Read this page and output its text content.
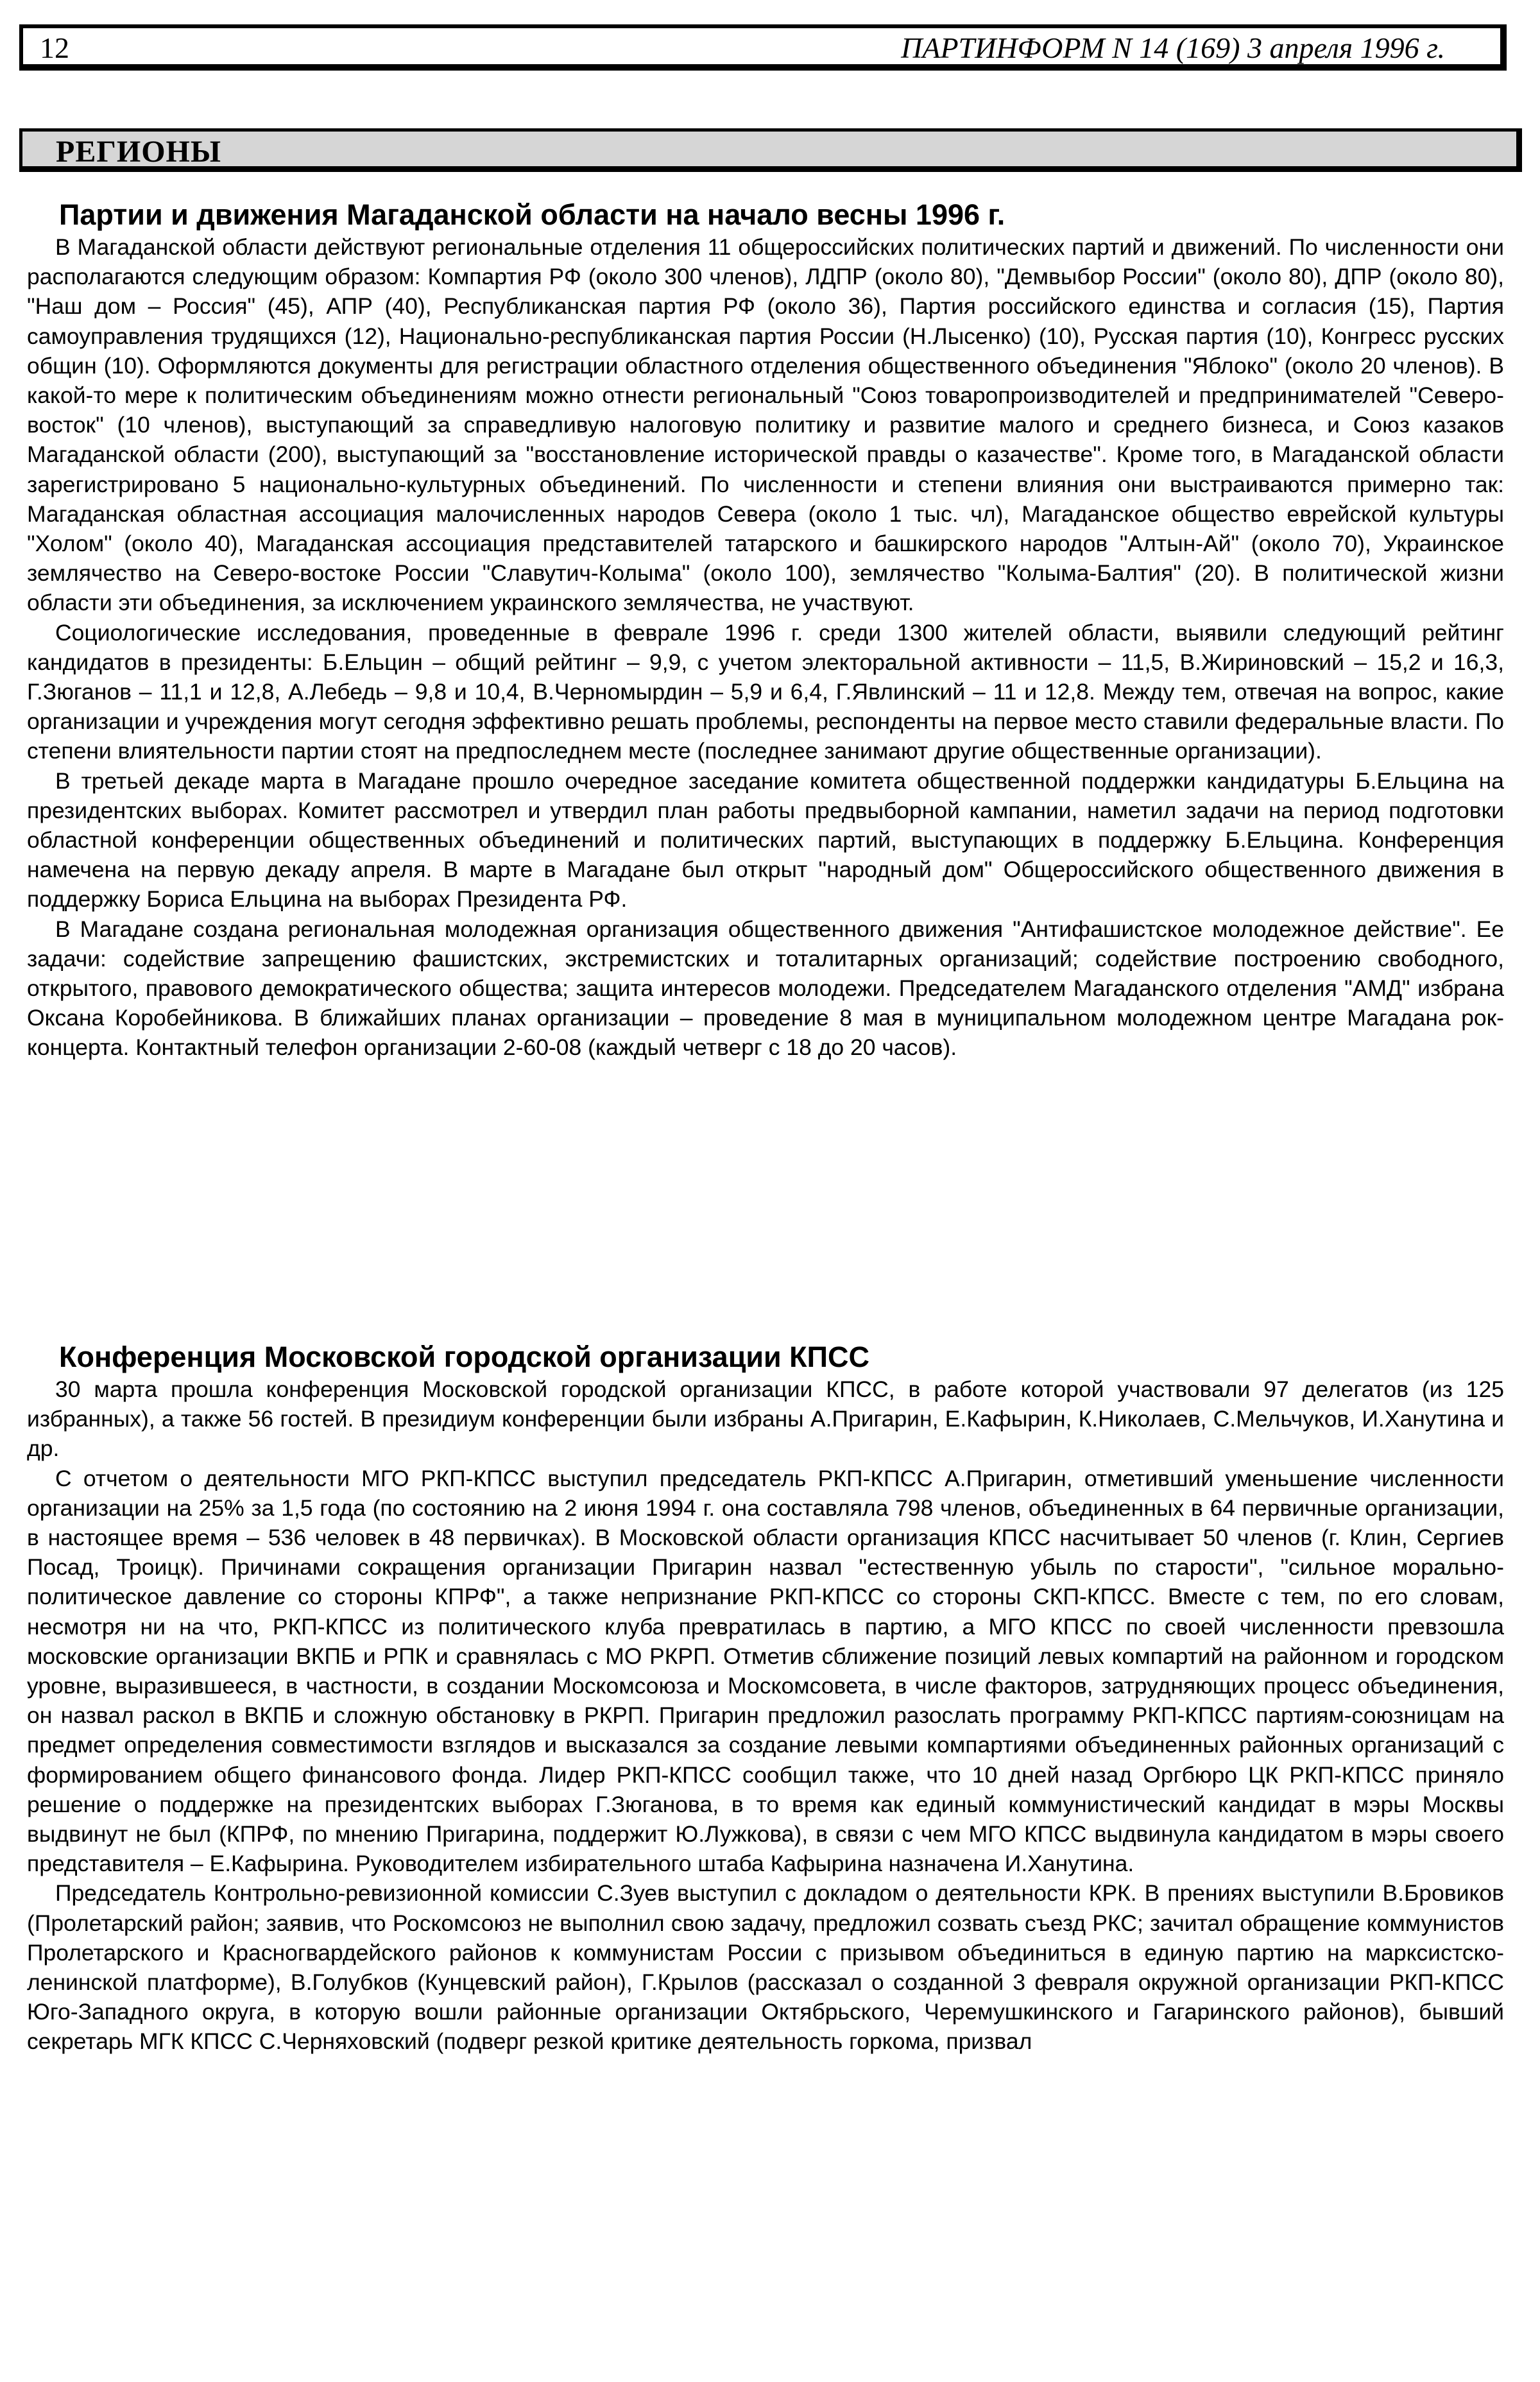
12	ПАРТИНФОРМ N 14 (169) 3 апреля 1996 г.
РЕГИОНЫ
Партии и движения Магаданской области на начало весны 1996 г.

В Магаданской области действуют региональные отделения 11 общероссийских политических партий и движений. По численности они располагаются следующим образом: Компартия РФ (около 300 членов), ЛДПР (около 80), "Демвыбор России" (около 80), ДПР (около 80), "Наш дом – Россия" (45), АПР (40), Республиканская партия РФ (около 36), Партия российского единства и согласия (15), Партия самоуправления трудящихся (12), Национально-республиканская партия России (Н.Лысенко) (10), Русская партия (10), Конгресс русских общин (10). Оформляются документы для регистрации областного отделения общественного объединения "Яблоко" (около 20 членов). В какой-то мере к политическим объединениям можно отнести региональный "Союз товаропроизводителей и предпринимателей "Северо-восток" (10 членов), выступающий за справедливую налоговую политику и развитие малого и среднего бизнеса, и Союз казаков Магаданской области (200), выступающий за "восстановление исторической правды о казачестве". Кроме того, в Магаданской области зарегистрировано 5 национально-культурных объединений. По численности и степени влияния они выстраиваются примерно так: Магаданская областная ассоциация малочисленных народов Севера (около 1 тыс. чл), Магаданское общество еврейской культуры "Холом" (около 40), Магаданская ассоциация представителей татарского и башкирского народов "Алтын-Ай" (около 70), Украинское землячество на Северо-востоке России "Славутич-Колыма" (около 100), землячество "Колыма-Балтия" (20). В политической жизни области эти объединения, за исключением украинского землячества, не участвуют.

Социологические исследования, проведенные в феврале 1996 г. среди 1300 жителей области, выявили следующий рейтинг кандидатов в президенты: Б.Ельцин – общий рейтинг – 9,9, с учетом электоральной активности – 11,5, В.Жириновский – 15,2 и 16,3, Г.Зюганов – 11,1 и 12,8, А.Лебедь – 9,8 и 10,4, В.Черномырдин – 5,9 и 6,4, Г.Явлинский – 11 и 12,8. Между тем, отвечая на вопрос, какие организации и учреждения могут сегодня эффективно решать проблемы, респонденты на первое место ставили федеральные власти. По степени влиятельности партии стоят на предпоследнем месте (последнее занимают другие общественные организации).

В третьей декаде марта в Магадане прошло очередное заседание комитета общественной поддержки кандидатуры Б.Ельцина на президентских выборах. Комитет рассмотрел и утвердил план работы предвыборной кампании, наметил задачи на период подготовки областной конференции общественных объединений и политических партий, выступающих в поддержку Б.Ельцина. Конференция намечена на первую декаду апреля. В марте в Магадане был открыт "народный дом" Общероссийского общественного движения в поддержку Бориса Ельцина на выборах Президента РФ.

В Магадане создана региональная молодежная организация общественного движения "Антифашистское молодежное действие". Ее задачи: содействие запрещению фашистских, экстремистских и тоталитарных организаций; содействие построению свободного, открытого, правового демократического общества; защита интересов молодежи. Председателем Магаданского отделения "АМД" избрана Оксана Коробейникова. В ближайших планах организации – проведение 8 мая в муниципальном молодежном центре Магадана рок-концерта. Контактный телефон организации 2-60-08 (каждый четверг с 18 до 20 часов).

Конференция Московской городской организации КПСС

30 марта прошла конференция Московской городской организации КПСС, в работе которой участвовали 97 делегатов (из 125 избранных), а также 56 гостей. В президиум конференции были избраны А.Пригарин, Е.Кафырин, К.Николаев, С.Мельчуков, И.Ханутина и др.

С отчетом о деятельности МГО РКП-КПСС выступил председатель РКП-КПСС А.Пригарин, отметивший уменьшение численности организации на 25% за 1,5 года (по состоянию на 2 июня 1994 г. она составляла 798 членов, объединенных в 64 первичные организации, в настоящее время – 536 человек в 48 первичках). В Московской области организация КПСС насчитывает 50 членов (г. Клин, Сергиев Посад, Троицк). Причинами сокращения организации Пригарин назвал "естественную убыль по старости", "сильное морально-политическое давление со стороны КПРФ", а также непризнание РКП-КПСС со стороны СКП-КПСС. Вместе с тем, по его словам, несмотря ни на что, РКП-КПСС из политического клуба превратилась в партию, а МГО КПСС по своей численности превзошла московские организации ВКПБ и РПК и сравнялась с МО РКРП. Отметив сближение позиций левых компартий на районном и городском уровне, выразившееся, в частности, в создании Москомсоюза и Москомсовета, в числе факторов, затрудняющих процесс объединения, он назвал раскол в ВКПБ и сложную обстановку в РКРП. Пригарин предложил разослать программу РКП-КПСС партиям-союзницам на предмет определения совместимости взглядов и высказался за создание левыми компартиями объединенных районных организаций с формированием общего финансового фонда. Лидер РКП-КПСС сообщил также, что 10 дней назад Оргбюро ЦК РКП-КПСС приняло решение о поддержке на президентских выборах Г.Зюганова, в то время как единый коммунистический кандидат в мэры Москвы выдвинут не был (КПРФ, по мнению Пригарина, поддержит Ю.Лужкова), в связи с чем МГО КПСС выдвинула кандидатом в мэры своего представителя – Е.Кафырина. Руководителем избирательного штаба Кафырина назначена И.Ханутина.

Председатель Контрольно-ревизионной комиссии С.Зуев выступил с докладом о деятельности КРК. В прениях выступили В.Бровиков (Пролетарский район; заявив, что Роскомсоюз не выполнил свою задачу, предложил созвать съезд РКС; зачитал обращение коммунистов Пролетарского и Красногвардейского районов к коммунистам России с призывом объединиться в единую партию на марксистско-ленинской платформе), В.Голубков (Кунцевский район), Г.Крылов (рассказал о созданной 3 февраля окружной организации РКП-КПСС Юго-Западного округа, в которую вошли районные организации Октябрьского, Черемушкинского и Гагаринского районов), бывший секретарь МГК КПСС С.Черняховский (подверг резкой критике деятельность горкома, призвал
